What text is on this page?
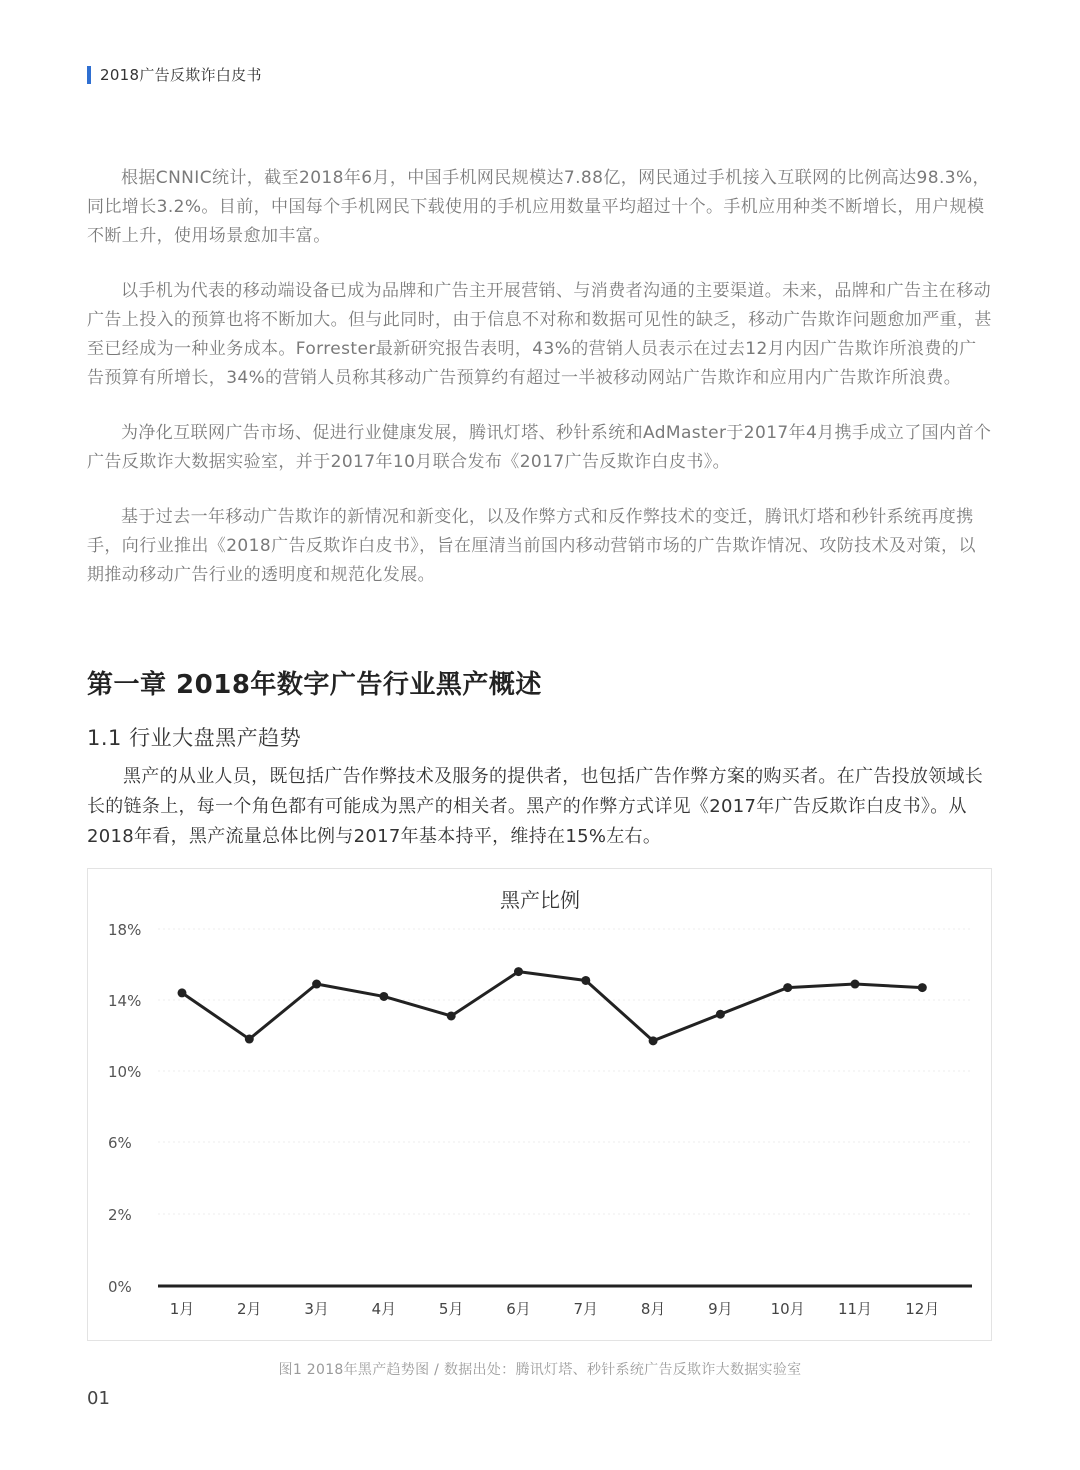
2018广告反欺诈白皮书

根据CNNIC统计，截至2018年6月，中国手机网民规模达7.88亿，网民通过手机接入互联网的比例高达98.3%，同比增长3.2%。目前，中国每个手机网民下载使用的手机应用数量平均超过十个。手机应用种类不断增长，用户规模不断上升，使用场景愈加丰富。

以手机为代表的移动端设备已成为品牌和广告主开展营销、与消费者沟通的主要渠道。未来，品牌和广告主在移动广告上投入的预算也将不断加大。但与此同时，由于信息不对称和数据可见性的缺乏，移动广告欺诈问题愈加严重，甚至已经成为一种业务成本。Forrester最新研究报告表明，43%的营销人员表示在过去12月内因广告欺诈所浪费的广告预算有所增长，34%的营销人员称其移动广告预算约有超过一半被移动网站广告欺诈和应用内广告欺诈所浪费。

为净化互联网广告市场、促进行业健康发展，腾讯灯塔、秒针系统和AdMaster于2017年4月携手成立了国内首个广告反欺诈大数据实验室，并于2017年10月联合发布《2017广告反欺诈白皮书》。

基于过去一年移动广告欺诈的新情况和新变化，以及作弊方式和反作弊技术的变迁，腾讯灯塔和秒针系统再度携手，向行业推出《2018广告反欺诈白皮书》，旨在厘清当前国内移动营销市场的广告欺诈情况、攻防技术及对策，以期推动移动广告行业的透明度和规范化发展。

第一章 2018年数字广告行业黑产概述
1.1 行业大盘黑产趋势

黑产的从业人员，既包括广告作弊技术及服务的提供者，也包括广告作弊方案的购买者。在广告投放领域长长的链条上，每一个角色都有可能成为黑产的相关者。黑产的作弊方式详见《2017年广告反欺诈白皮书》。从2018年看，黑产流量总体比例与2017年基本持平，维持在15%左右。

黑产比例
0%
2%
6%
10%
14%
18%
1月	2月	3月	4月	5月	6月	7月	8月	9月	10月 11月 12月
图1 2018年黑产趋势图 / 数据出处：腾讯灯塔、秒针系统广告反欺诈大数据实验室
01
